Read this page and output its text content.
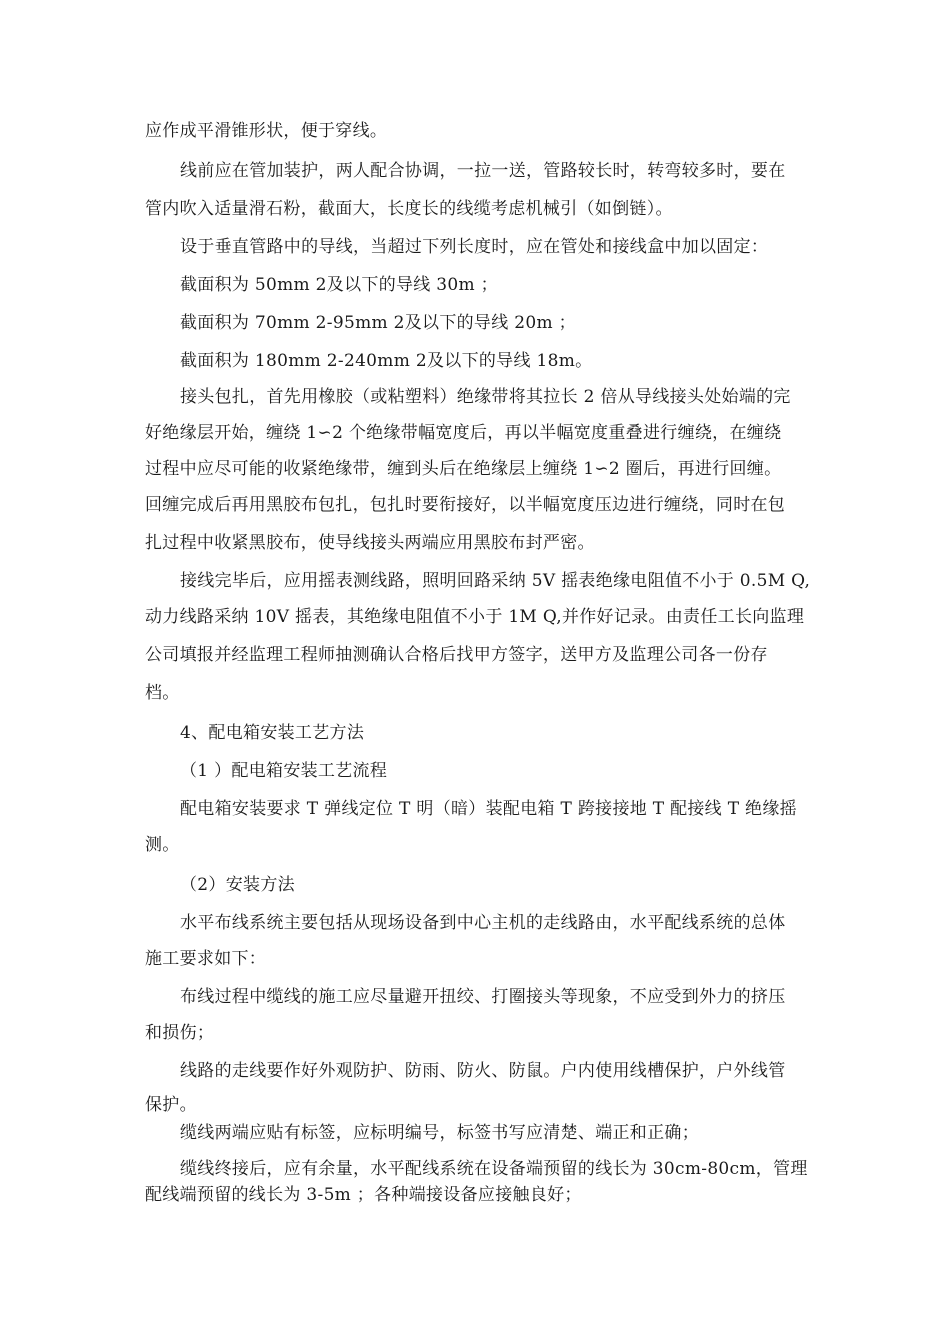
应作成平滑锥形状，便于穿线。
线前应在管加装护，两人配合协调，一拉一送，管路较长时，转弯较多时，要在
管内吹入适量滑石粉，截面大，长度长的线缆考虑机械引（如倒链）。
设于垂直管路中的导线，当超过下列长度时，应在管处和接线盒中加以固定：
截面积为 50mm 2及以下的导线 30m ；
截面积为 70mm 2-95mm 2及以下的导线 20m ；
截面积为 180mm 2-240mm 2及以下的导线 18m。
接头包扎，首先用橡胶（或粘塑料）绝缘带将其拉长 2 倍从导线接头处始端的完
好绝缘层开始，缠绕 1∽2 个绝缘带幅宽度后，再以半幅宽度重叠进行缠绕，在缠绕
过程中应尽可能的收紧绝缘带，缠到头后在绝缘层上缠绕 1∽2 圈后，再进行回缠。
回缠完成后再用黑胶布包扎，包扎时要衔接好，以半幅宽度压边进行缠绕，同时在包
扎过程中收紧黑胶布，使导线接头两端应用黑胶布封严密。
接线完毕后，应用摇表测线路，照明回路采纳 5V 摇表绝缘电阻值不小于 0.5M Q,
动力线路采纳 10V 摇表，其绝缘电阻值不小于 1M Q,并作好记录。由责任工长向监理
公司填报并经监理工程师抽测确认合格后找甲方签字，送甲方及监理公司各一份存
档。
4、配电箱安装工艺方法
（1 ）配电箱安装工艺流程
配电箱安装要求 T 弹线定位 T 明（暗）装配电箱 T 跨接接地 T 配接线 T 绝缘摇
测。
（2）安装方法
水平布线系统主要包括从现场设备到中心主机的走线路由，水平配线系统的总体
施工要求如下：
布线过程中缆线的施工应尽量避开扭绞、打圈接头等现象，不应受到外力的挤压
和损伤；
线路的走线要作好外观防护、防雨、防火、防鼠。户内使用线槽保护，户外线管
保护。
缆线两端应贴有标签，应标明编号，标签书写应清楚、端正和正确；
缆线终接后，应有余量，水平配线系统在设备端预留的线长为 30cm-80cm，管理
配线端预留的线长为 3-5m ；各种端接设备应接触良好；
